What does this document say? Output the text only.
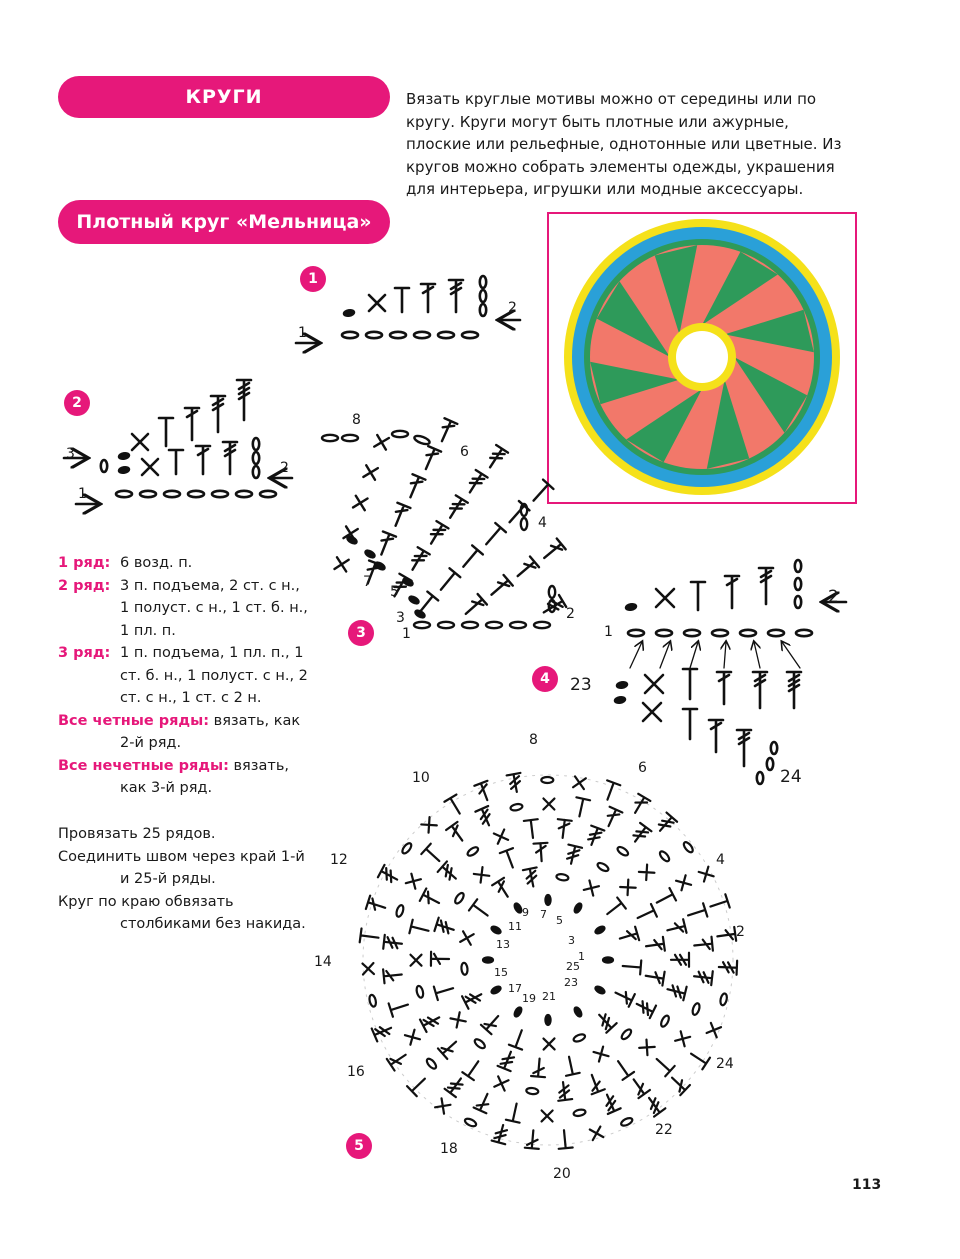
КРУГИ	Вязать круглые мотивы можно от середины или по кругу. Круги могут быть плотные или ажурные, плоские или рельефные, однотонные или цветные. Из кругов можно собрать элементы одежды, украшения для интерьера, игрушки или модные аксессуары.
Плотный круг «Мельница»
1
2
3
4
5
1
2
3
2
1
8
6
4
2
7
5
3
1	1
2
23
24
8
6
10
4
12
2
14
24
16
22
18
20
9 7
11	5
13	3
1
15	25
23
17
19 21
1 ряд: 6 возд. п.
2 ряд: 3 п. подъема, 2 ст. с н.,
1 полуст. с н., 1 ст. б. н.,
1 пл. п.
3 ряд: 1 п. подъема, 1 пл. п., 1
ст. б. н., 1 полуст. с н., 2
ст. с н., 1 ст. с 2 н.
Все четные ряды: вязать, как
2-й ряд.
Все нечетные ряды: вязать,
как 3-й ряд.
Провязать 25 рядов.
Соединить швом через край 1-й
и 25-й ряды.
Круг по краю обвязать
столбиками без накида.
113
